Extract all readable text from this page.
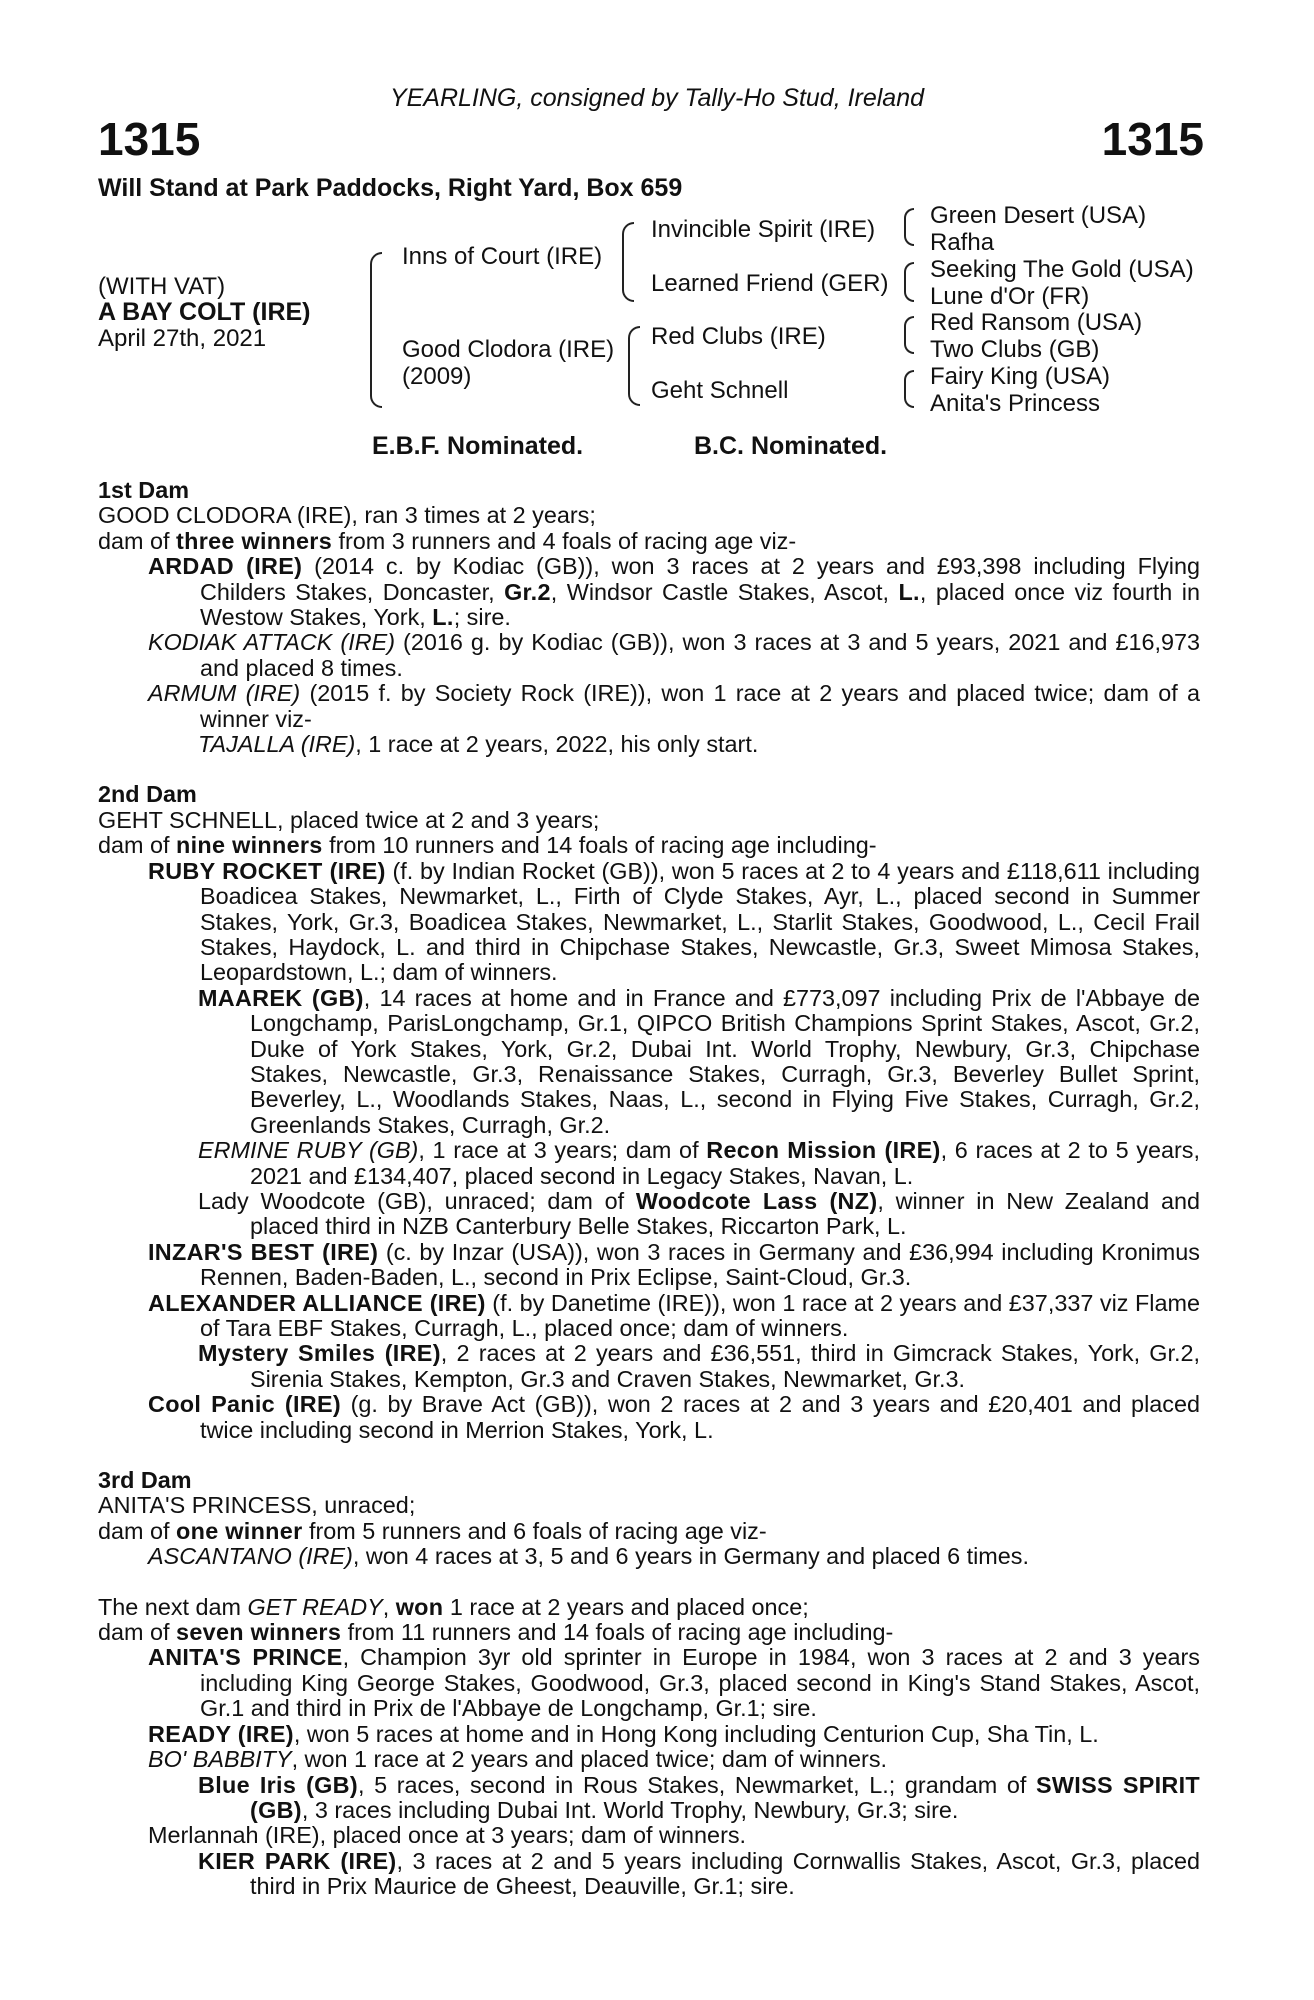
YEARLING, consigned by Tally-Ho Stud, Ireland
1315	1315
Will Stand at Park Paddocks, Right Yard, Box 659
(WITH VAT)
A BAY COLT (IRE)
April 27th, 2021
Inns of Court (IRE)
Good Clodora (IRE)
(2009)
Invincible Spirit (IRE)
Learned Friend (GER)
Red Clubs (IRE)
Geht Schnell
Green Desert (USA)
Rafha
Seeking The Gold (USA)
Lune d'Or (FR)
Red Ransom (USA)
Two Clubs (GB)
Fairy King (USA)
Anita's Princess
E.B.F. Nominated.	B.C. Nominated.

1st Dam

GOOD CLODORA (IRE), ran 3 times at 2 years;

dam of three winners from 3 runners and 4 foals of racing age viz-

ARDAD (IRE) (2014 c. by Kodiac (GB)), won 3 races at 2 years and £93,398 including Flying Childers Stakes, Doncaster, Gr.2, Windsor Castle Stakes, Ascot, L., placed once viz fourth in Westow Stakes, York, L.; sire.

KODIAK ATTACK (IRE) (2016 g. by Kodiac (GB)), won 3 races at 3 and 5 years, 2021 and £16,973 and placed 8 times.

ARMUM (IRE) (2015 f. by Society Rock (IRE)), won 1 race at 2 years and placed twice; dam of a winner viz-

TAJALLA (IRE), 1 race at 2 years, 2022, his only start.

2nd Dam

GEHT SCHNELL, placed twice at 2 and 3 years;

dam of nine winners from 10 runners and 14 foals of racing age including-

RUBY ROCKET (IRE) (f. by Indian Rocket (GB)), won 5 races at 2 to 4 years and £118,611 including Boadicea Stakes, Newmarket, L., Firth of Clyde Stakes, Ayr, L., placed second in Summer Stakes, York, Gr.3, Boadicea Stakes, Newmarket, L., Starlit Stakes, Goodwood, L., Cecil Frail Stakes, Haydock, L. and third in Chipchase Stakes, Newcastle, Gr.3, Sweet Mimosa Stakes, Leopardstown, L.; dam of winners.

MAAREK (GB), 14 races at home and in France and £773,097 including Prix de l'Abbaye de Longchamp, ParisLongchamp, Gr.1, QIPCO British Champions Sprint Stakes, Ascot, Gr.2, Duke of York Stakes, York, Gr.2, Dubai Int. World Trophy, Newbury, Gr.3, Chipchase Stakes, Newcastle, Gr.3, Renaissance Stakes, Curragh, Gr.3, Beverley Bullet Sprint, Beverley, L., Woodlands Stakes, Naas, L., second in Flying Five Stakes, Curragh, Gr.2, Greenlands Stakes, Curragh, Gr.2.

ERMINE RUBY (GB), 1 race at 3 years; dam of Recon Mission (IRE), 6 races at 2 to 5 years, 2021 and £134,407, placed second in Legacy Stakes, Navan, L.

Lady Woodcote (GB), unraced; dam of Woodcote Lass (NZ), winner in New Zealand and placed third in NZB Canterbury Belle Stakes, Riccarton Park, L.

INZAR'S BEST (IRE) (c. by Inzar (USA)), won 3 races in Germany and £36,994 including Kronimus Rennen, Baden-Baden, L., second in Prix Eclipse, Saint-Cloud, Gr.3.

ALEXANDER ALLIANCE (IRE) (f. by Danetime (IRE)), won 1 race at 2 years and £37,337 viz Flame of Tara EBF Stakes, Curragh, L., placed once; dam of winners.

Mystery Smiles (IRE), 2 races at 2 years and £36,551, third in Gimcrack Stakes, York, Gr.2, Sirenia Stakes, Kempton, Gr.3 and Craven Stakes, Newmarket, Gr.3.

Cool Panic (IRE) (g. by Brave Act (GB)), won 2 races at 2 and 3 years and £20,401 and placed twice including second in Merrion Stakes, York, L.

3rd Dam

ANITA'S PRINCESS, unraced;

dam of one winner from 5 runners and 6 foals of racing age viz-

ASCANTANO (IRE), won 4 races at 3, 5 and 6 years in Germany and placed 6 times.

The next dam GET READY, won 1 race at 2 years and placed once;

dam of seven winners from 11 runners and 14 foals of racing age including-

ANITA'S PRINCE, Champion 3yr old sprinter in Europe in 1984, won 3 races at 2 and 3 years including King George Stakes, Goodwood, Gr.3, placed second in King's Stand Stakes, Ascot, Gr.1 and third in Prix de l'Abbaye de Longchamp, Gr.1; sire.

READY (IRE), won 5 races at home and in Hong Kong including Centurion Cup, Sha Tin, L.

BO' BABBITY, won 1 race at 2 years and placed twice; dam of winners.

Blue Iris (GB), 5 races, second in Rous Stakes, Newmarket, L.; grandam of SWISS SPIRIT (GB), 3 races including Dubai Int. World Trophy, Newbury, Gr.3; sire.

Merlannah (IRE), placed once at 3 years; dam of winners.

KIER PARK (IRE), 3 races at 2 and 5 years including Cornwallis Stakes, Ascot, Gr.3, placed third in Prix Maurice de Gheest, Deauville, Gr.1; sire.
